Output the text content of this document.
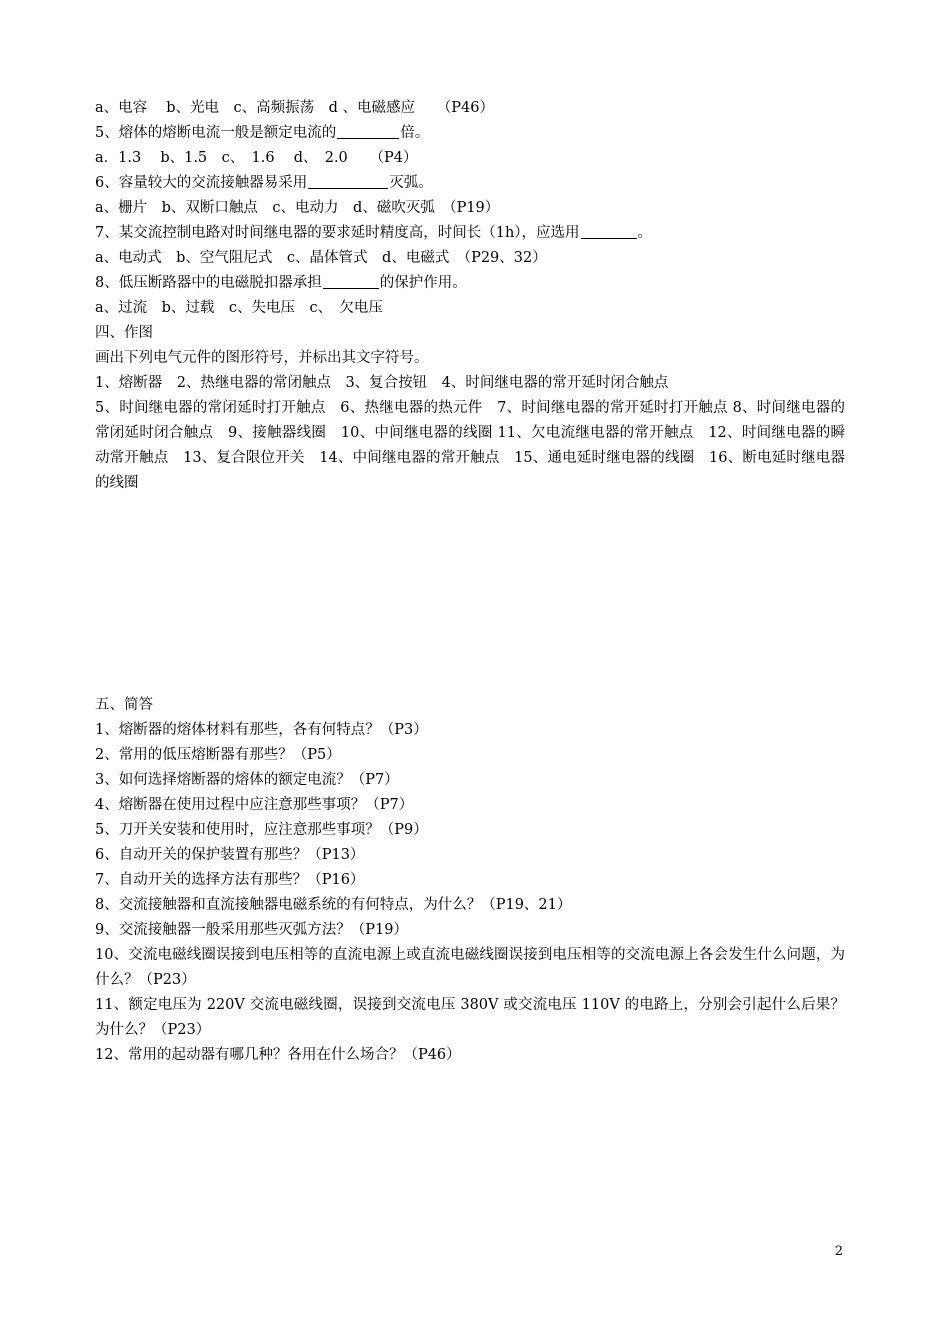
a、电容　 b、光电　c、高频振荡　d 、电磁感应　　（P46）
5、熔体的熔断电流一般是额定电流的	倍。
a．1.3　 b、1.5　c、　1.6　 d、　2.0　　（P4）
6、容量较大的交流接触器易采用	灭弧。
a、栅片　b、双断口触点　c、电动力　d、磁吹灭弧　（P19）
7、某交流控制电路对时间继电器的要求延时精度高，时间长（1h），应选用	。
a、电动式　b、空气阻尼式　c、晶体管式　d、电磁式　（P29、32）
8、低压断路器中的电磁脱扣器承担	的保护作用。
a、过流　b、过载　c、失电压　c、　欠电压
四、作图
画出下列电气元件的图形符号，并标出其文字符号。
1、熔断器　2、热继电器的常闭触点　3、复合按钮　4、时间继电器的常开延时闭合触点
5、时间继电器的常闭延时打开触点　6、热继电器的热元件　7、时间继电器的常开延时打开触点 8、时间继电器的常闭延时闭合触点　9、接触器线圈　10、中间继电器的线圈 11、欠电流继电器的常开触点　12、时间继电器的瞬动常开触点　13、复合限位开关　14、中间继电器的常开触点　15、通电延时继电器的线圈　16、断电延时继电器的线圈
五、简答
1、熔断器的熔体材料有那些，各有何特点？（P3）
2、常用的低压熔断器有那些？（P5）
3、如何选择熔断器的熔体的额定电流？（P7）
4、熔断器在使用过程中应注意那些事项？（P7）
5、刀开关安装和使用时，应注意那些事项？（P9）
6、自动开关的保护装置有那些？（P13）
7、自动开关的选择方法有那些？（P16）
8、交流接触器和直流接触器电磁系统的有何特点，为什么？（P19、21）
9、交流接触器一般采用那些灭弧方法？（P19）
10、交流电磁线圈误接到电压相等的直流电源上或直流电磁线圈误接到电压相等的交流电源上各会发生什么问题，为什么？（P23）
11、额定电压为 220V 交流电磁线圈，误接到交流电压 380V 或交流电压 110V 的电路上，分别会引起什么后果？为什么？（P23）
12、常用的起动器有哪几种？各用在什么场合？（P46）
2
